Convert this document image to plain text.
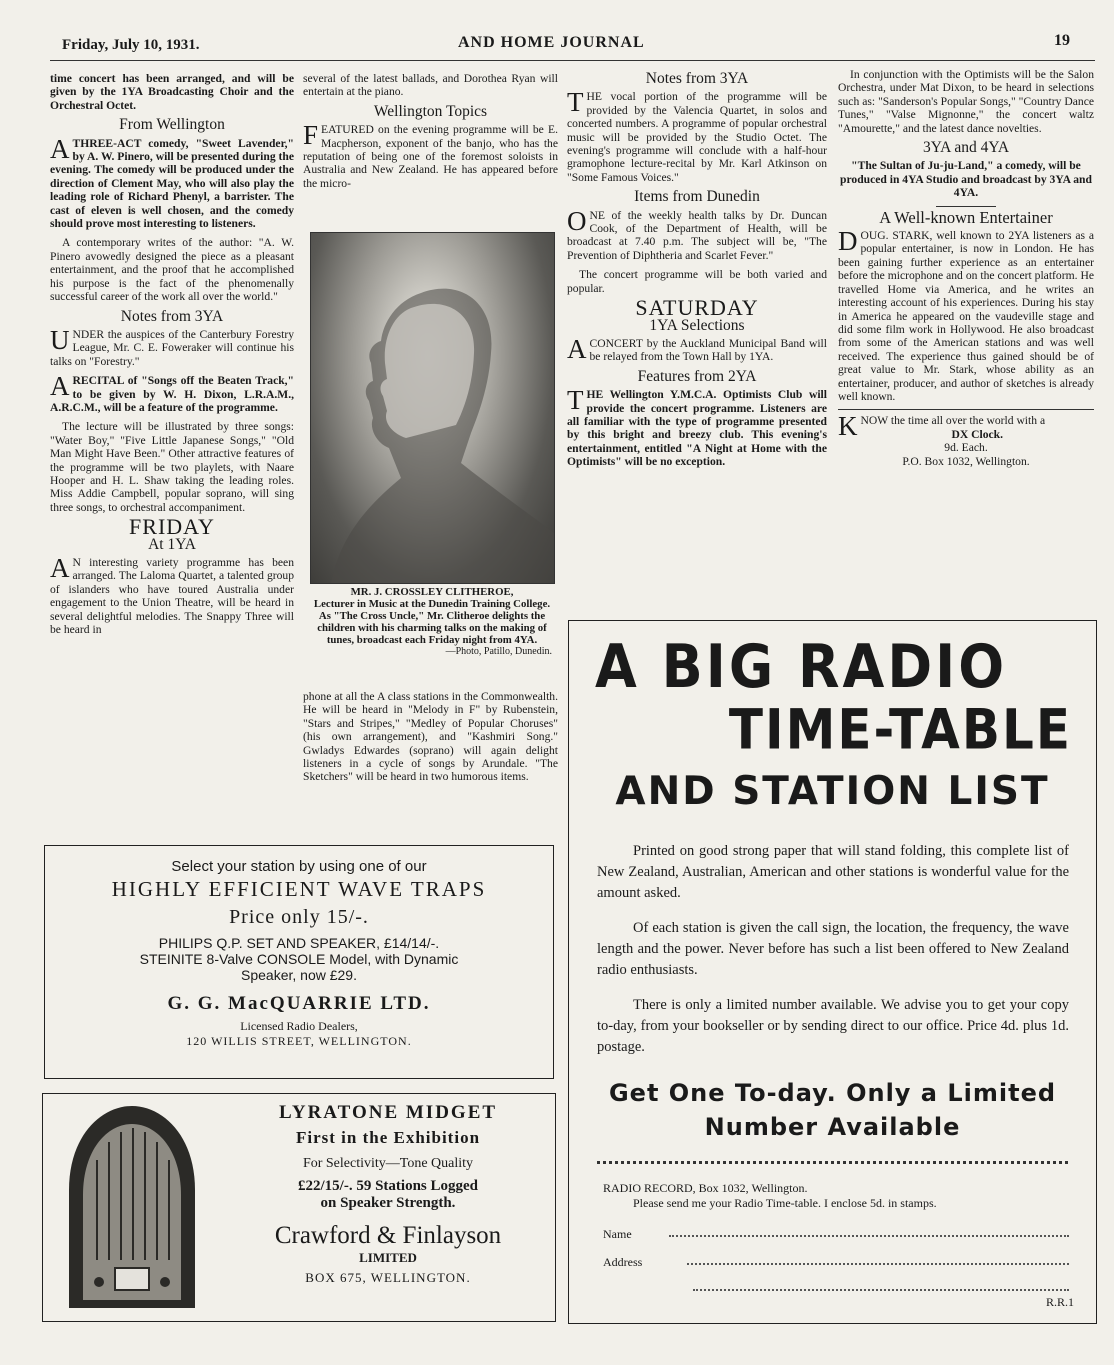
Friday, July 10, 1931.	AND HOME JOURNAL	19

time concert has been arranged, and will be given by the 1YA Broadcasting Choir and the Orchestral Octet.

From Wellington

ATHREE-ACT comedy, "Sweet Lavender," by A. W. Pinero, will be presented during the evening. The comedy will be produced under the direction of Clement May, who will also play the leading role of Richard Phenyl, a barrister. The cast of eleven is well chosen, and the comedy should prove most interesting to listeners.

A contemporary writes of the author: "A. W. Pinero avowedly designed the piece as a pleasant entertainment, and the proof that he accomplished his purpose is the fact of the phenomenally successful career of the work all over the world."

Notes from 3YA

UNDER the auspices of the Canterbury Forestry League, Mr. C. E. Foweraker will continue his talks on "Forestry."

ARECITAL of "Songs off the Beaten Track," to be given by W. H. Dixon, L.R.A.M., A.R.C.M., will be a feature of the programme.

The lecture will be illustrated by three songs: "Water Boy," "Five Little Japanese Songs," "Old Man Might Have Been." Other attractive features of the programme will be two playlets, with Naare Hooper and H. L. Shaw taking the leading roles. Miss Addie Campbell, popular soprano, will sing three songs, to orchestral accompaniment.

FRIDAY
At 1YA

A N interesting variety programme has been arranged. The Laloma Quartet, a talented group of islanders who have toured Australia under engagement to the Union Theatre, will be heard in several delightful melodies. The Snappy Three will be heard in

several of the latest ballads, and Dorothea Ryan will entertain at the piano.

Wellington Topics

FEATURED on the evening programme will be E. Macpherson, exponent of the banjo, who has the reputation of being one of the foremost soloists in Australia and New Zealand. He has appeared before the micro-

MR. J. CROSSLEY CLITHEROE,
Lecturer in Music at the Dunedin Training College. As "The Cross Uncle," Mr. Clitheroe delights the children with his charming talks on the making of tunes, broadcast each Friday night from 4YA.
—Photo, Patillo, Dunedin.

phone at all the A class stations in the Commonwealth. He will be heard in "Melody in F" by Rubenstein, "Stars and Stripes," "Medley of Popular Choruses" (his own arrangement), and "Kashmiri Song." Gwladys Edwardes (soprano) will again delight listeners in a cycle of songs by Arundale. "The Sketchers" will be heard in two humorous items.

Notes from 3YA

THE vocal portion of the programme will be provided by the Valencia Quartet, in solos and concerted numbers. A programme of popular orchestral music will be provided by the Studio Octet. The evening's programme will conclude with a half-hour gramophone lecture-recital by Mr. Karl Atkinson on "Some Famous Voices."

Items from Dunedin

ONE of the weekly health talks by Dr. Duncan Cook, of the Department of Health, will be broadcast at 7.40 p.m. The subject will be, "The Prevention of Diphtheria and Scarlet Fever."

The concert programme will be both varied and popular.

SATURDAY
1YA Selections

ACONCERT by the Auckland Municipal Band will be relayed from the Town Hall by 1YA.

Features from 2YA

THE Wellington Y.M.C.A. Optimists Club will provide the concert programme. Listeners are all familiar with the type of programme presented by this bright and breezy club. This evening's entertainment, entitled "A Night at Home with the Optimists" will be no exception.

In conjunction with the Optimists will be the Salon Orchestra, under Mat Dixon, to be heard in selections such as: "Sanderson's Popular Songs," "Country Dance Tunes," "Valse Mignonne," the concert waltz "Amourette," and the latest dance novelties.

3YA and 4YA

"The Sultan of Ju-ju-Land," a comedy, will be produced in 4YA Studio and broadcast by 3YA and 4YA.

A Well-known Entertainer

DOUG. STARK, well known to 2YA listeners as a popular entertainer, is now in London. He has been gaining further experience as an entertainer before the microphone and on the concert platform. He travelled Home via America, and he writes an interesting account of his experiences. During his stay in America he appeared on the vaudeville stage and did some film work in Hollywood. He also broadcast from some of the American stations and was well received. The experience thus gained should be of great value to Mr. Stark, whose ability as an entertainer, producer, and author of sketches is already well known.

KNOW the time all over the world with a

DX Clock.
9d. Each.
P.O. Box 1032, Wellington.
Select your station by using one of our
HIGHLY EFFICIENT WAVE TRAPS
Price only 15/-.
PHILIPS Q.P. SET AND SPEAKER, £14/14/-.
STEINITE 8-Valve CONSOLE Model, with Dynamic
Speaker, now £29.
G. G. MacQUARRIE LTD.
Licensed Radio Dealers,
120 WILLIS STREET, WELLINGTON.
LYRATONE MIDGET
First in the Exhibition
For Selectivity—Tone Quality
£22/15/-. 59 Stations Logged
on Speaker Strength.
Crawford & Finlayson
LIMITED
BOX 675, WELLINGTON.
A BIG RADIO
TIME-TABLE
AND STATION LIST

Printed on good strong paper that will stand folding, this complete list of New Zealand, Australian, American and other stations is wonderful value for the amount asked.

Of each station is given the call sign, the location, the frequency, the wave length and the power. Never before has such a list been offered to New Zealand radio enthusiasts.

There is only a limited number available. We advise you to get your copy to-day, from your bookseller or by sending direct to our office. Price 4d. plus 1d. postage.

Get One To-day. Only a Limited
Number Available
RADIO RECORD, Box 1032, Wellington.
Please send me your Radio Time-table. I enclose 5d. in stamps.
Name
Address
R.R.1
